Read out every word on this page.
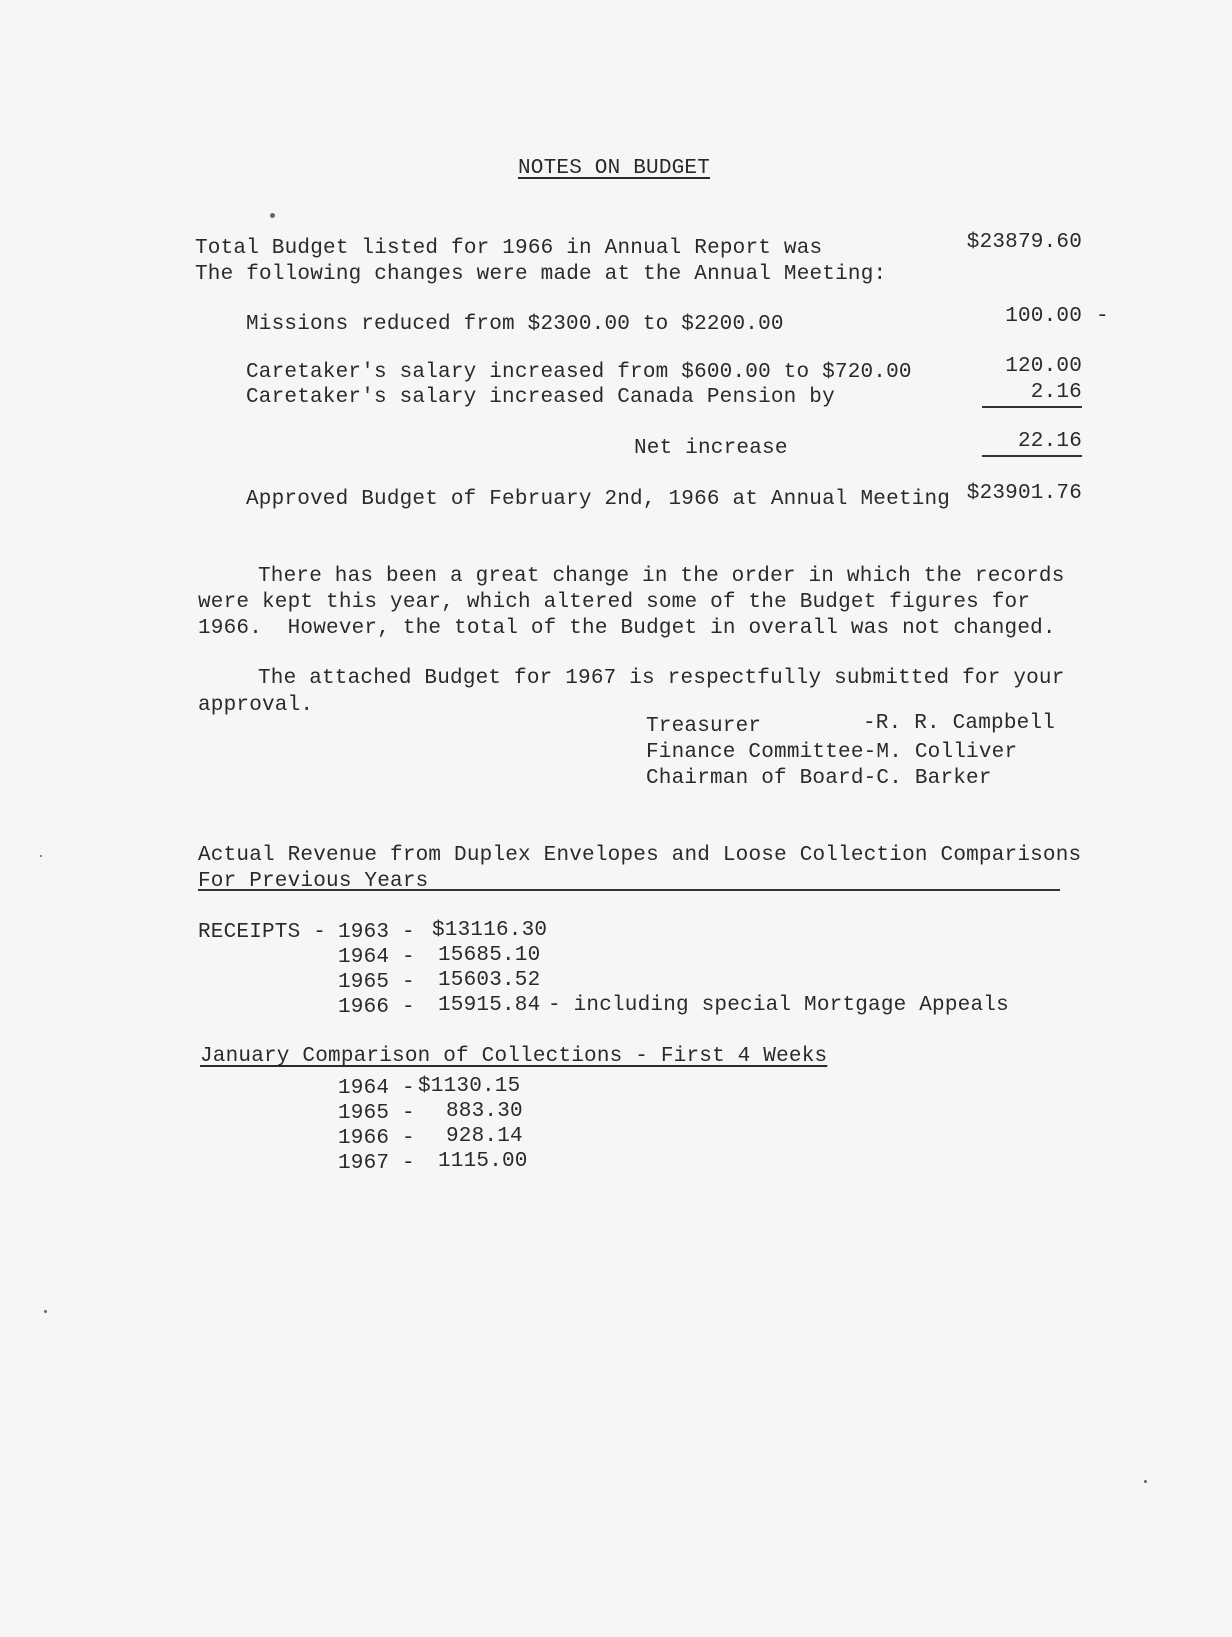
NOTES ON BUDGET
Total Budget listed for 1966 in Annual Report was	$23879.60
The following changes were made at the Annual Meeting:
Missions reduced from $2300.00 to $2200.00	100.00 -
Caretaker's salary increased from $600.00 to $720.00	120.00
Caretaker's salary increased Canada Pension by	2.16
Net increase	22.16
Approved Budget of February 2nd, 1966 at Annual Meeting $23901.76
There has been a great change in the order in which the records
were kept this year, which altered some of the Budget figures for
1966.  However, the total of the Budget in overall was not changed.
The attached Budget for 1967 is respectfully submitted for your
approval.
Treasurer	-R. R. Campbell
Finance Committee-M. Colliver
Chairman of Board-C. Barker
Actual Revenue from Duplex Envelopes and Loose Collection Comparisons
For Previous Years
RECEIPTS - 1963 - $13116.30
1964 - 15685.10
1965 - 15603.52
1966 - 15915.84 - including special Mortgage Appeals
January Comparison of Collections - First 4 Weeks
1964 - $1130.15
1965 - 883.30
1966 - 928.14
1967 - 1115.00
